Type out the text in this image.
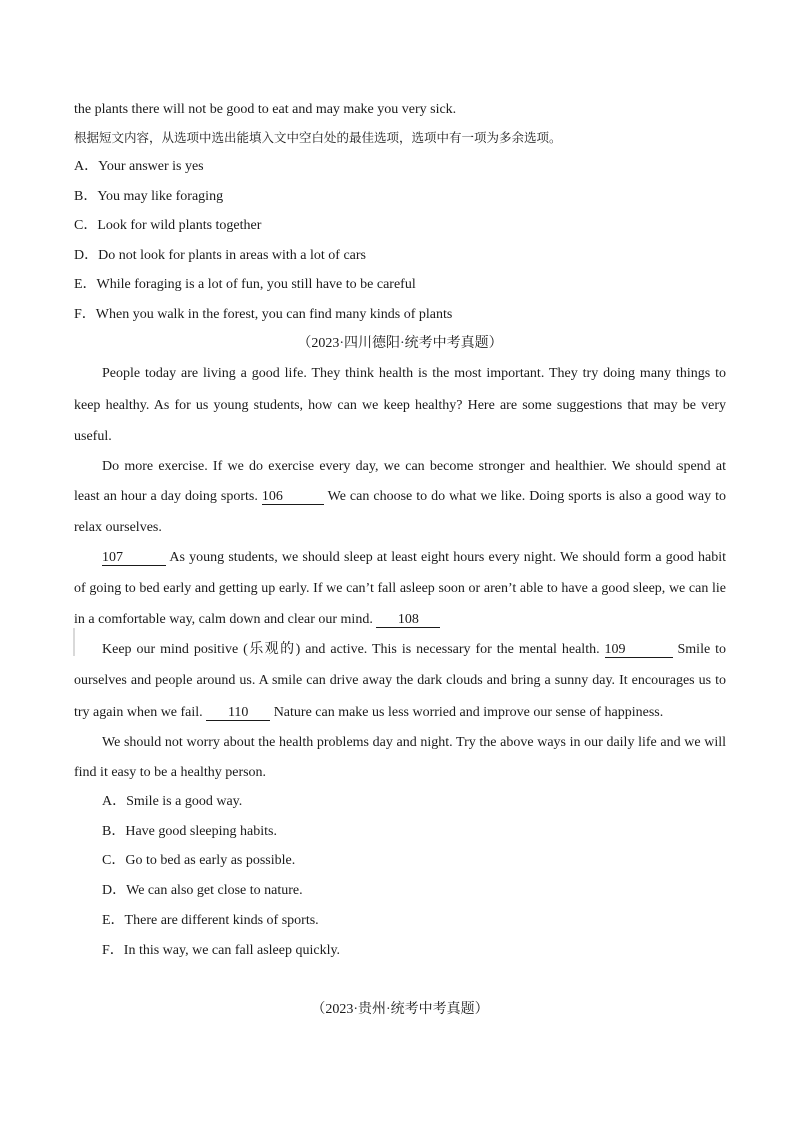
the plants there will not be good to eat and may make you very sick.
根据短文内容，从选项中选出能填入文中空白处的最佳选项，选项中有一项为多余选项。
A．Your answer is yes
B．You may like foraging
C．Look for wild plants together
D．Do not look for plants in areas with a lot of cars
E．While foraging is a lot of fun, you still have to be careful
F．When you walk in the forest, you can find many kinds of plants
（2023·四川德阳·统考中考真题）
People today are living a good life. They think health is the most important. They try doing many things to
keep healthy. As for us young students, how can we keep healthy? Here are some suggestions that may be very
useful.
Do more exercise. If we do exercise every day, we can become stronger and healthier. We should spend at
least an hour a day doing sports. 106	We can choose to do what we like. Doing sports is also a good way to
relax ourselves.
107	As young students, we should sleep at least eight hours every night. We should form a good habit
of going to bed early and getting up early. If we can’t fall asleep soon or aren’t able to have a good sleep, we can lie
in a comfortable way, calm down and clear our mind. 108
Keep our mind positive (乐观的) and active. This is necessary for the mental health. 109	Smile to
ourselves and people around us. A smile can drive away the dark clouds and bring a sunny day. It encourages us to
try again when we fail. 110 Nature can make us less worried and improve our sense of happiness.
We should not worry about the health problems day and night. Try the above ways in our daily life and we will
find it easy to be a healthy person.
A．Smile is a good way.
B．Have good sleeping habits.
C．Go to bed as early as possible.
D．We can also get close to nature.
E．There are different kinds of sports.
F．In this way, we can fall asleep quickly.
（2023·贵州·统考中考真题）
